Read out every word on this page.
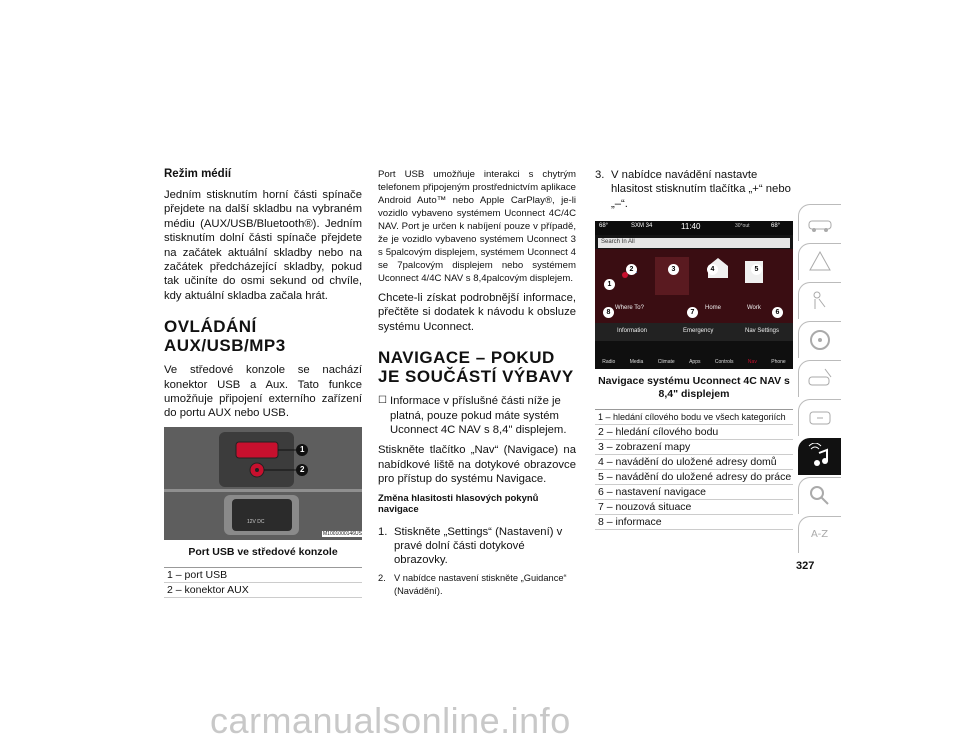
Režim médií

Jedním stisknutím horní části spínače přejdete na další skladbu na vybraném médiu (AUX/USB/Bluetooth®). Jedním stisknutím dolní části spínače přejdete na začátek aktuální skladby nebo na začátek předcházející skladby, pokud tak učiníte do osmi sekund od chvíle, kdy aktuální skladba začala hrát.

OVLÁDÁNÍ AUX/USB/MP3

Ve středové konzole se nachází konektor USB a Aux. Tato funkce umožňuje připojení externího zařízení do portu AUX nebo USB.

1
2
12V DC
M1001000146US
Port USB ve středové konzole
1 – port USB
2 – konektor AUX

Port USB umožňuje interakci s chytrým telefonem připojeným prostřednictvím aplikace Android Auto™ nebo Apple CarPlay®, je-li vozidlo vybaveno systémem Uconnect 4C/4C NAV. Port je určen k nabíjení pouze v případě, že je vozidlo vybaveno systémem Uconnect 3 s 5palcovým displejem, systémem Uconnect 4 se 7palcovým displejem nebo systémem Uconnect 4/4C NAV s 8,4palcovým displejem.

Chcete-li získat podrobnější informace, přečtěte si dodatek k návodu k obsluze systému Uconnect.

NAVIGACE – POKUD JE SOUČÁSTÍ VÝBAVY
☐ Informace v příslušné části níže je platná, pouze pokud máte systém Uconnect 4C NAV s 8,4" displejem.

Stiskněte tlačítko „Nav“ (Navigace) na nabídkové liště na dotykové obrazovce pro přístup do systému Navigace.

Změna hlasitosti hlasových pokynů navigace
1. Stiskněte „Settings“ (Nastavení) v pravé dolní části dotykové obrazovky.
2. V nabídce nastavení stiskněte „Guidance“ (Navádění).
3. V nabídce navádění nastavte hlasitost stisknutím tlačítka „+“ nebo „–“.
68°	SXM 34	11:40	30°out	68°
Search In All
Where To?	Home	Work
Information	Emergency	Nav Settings
Radio	Media	Climate	Apps	Controls	Nav	Phone
1
2	3	4	5
6
7
8
Navigace systému Uconnect 4C NAV s 8,4" displejem
1 – hledání cílového bodu ve všech kategoriích
2 – hledání cílového bodu
3 – zobrazení mapy
4 – navádění do uložené adresy domů
5 – navádění do uložené adresy do práce
6 – nastavení navigace
7 – nouzová situace
8 – informace
A-Z
327
carmanualsonline.info
